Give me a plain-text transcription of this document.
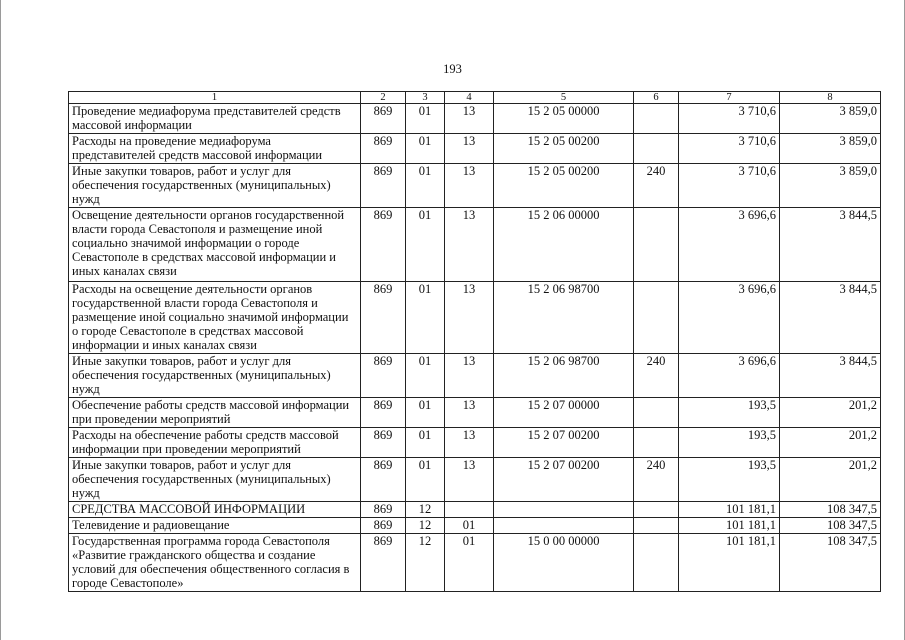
193
1	2	3	4	5	6	7	8
Проведение медиафорума представителей средств массовой информации	869	01	13	15 2 05 00000		3 710,6	3 859,0
Расходы на проведение медиафорума представителей средств массовой информации	869	01	13	15 2 05 00200		3 710,6	3 859,0
Иные закупки товаров, работ и услуг для обеспечения государственных (муниципальных) нужд	869	01	13	15 2 05 00200	240	3 710,6	3 859,0
Освещение деятельности органов государственной власти города Севастополя и размещение иной социально значимой информации о городе Севастополе в средствах массовой информации и иных каналах связи	869	01	13	15 2 06 00000		3 696,6	3 844,5
Расходы на освещение деятельности органов государственной власти города Севастополя и размещение иной социально значимой информации о городе Севастополе в средствах массовой информации и иных каналах связи	869	01	13	15 2 06 98700		3 696,6	3 844,5
Иные закупки товаров, работ и услуг для обеспечения государственных (муниципальных) нужд	869	01	13	15 2 06 98700	240	3 696,6	3 844,5
Обеспечение работы средств массовой информации при проведении мероприятий	869	01	13	15 2 07 00000		193,5	201,2
Расходы на обеспечение работы средств массовой информации при проведении мероприятий	869	01	13	15 2 07 00200		193,5	201,2
Иные закупки товаров, работ и услуг для обеспечения государственных (муниципальных) нужд	869	01	13	15 2 07 00200	240	193,5	201,2
СРЕДСТВА МАССОВОЙ ИНФОРМАЦИИ	869	12				101 181,1	108 347,5
Телевидение и радиовещание	869	12	01			101 181,1	108 347,5
Государственная программа города Севастополя «Развитие гражданского общества и создание условий для обеспечения общественного согласия в городе Севастополе»	869	12	01	15 0 00 00000		101 181,1	108 347,5
